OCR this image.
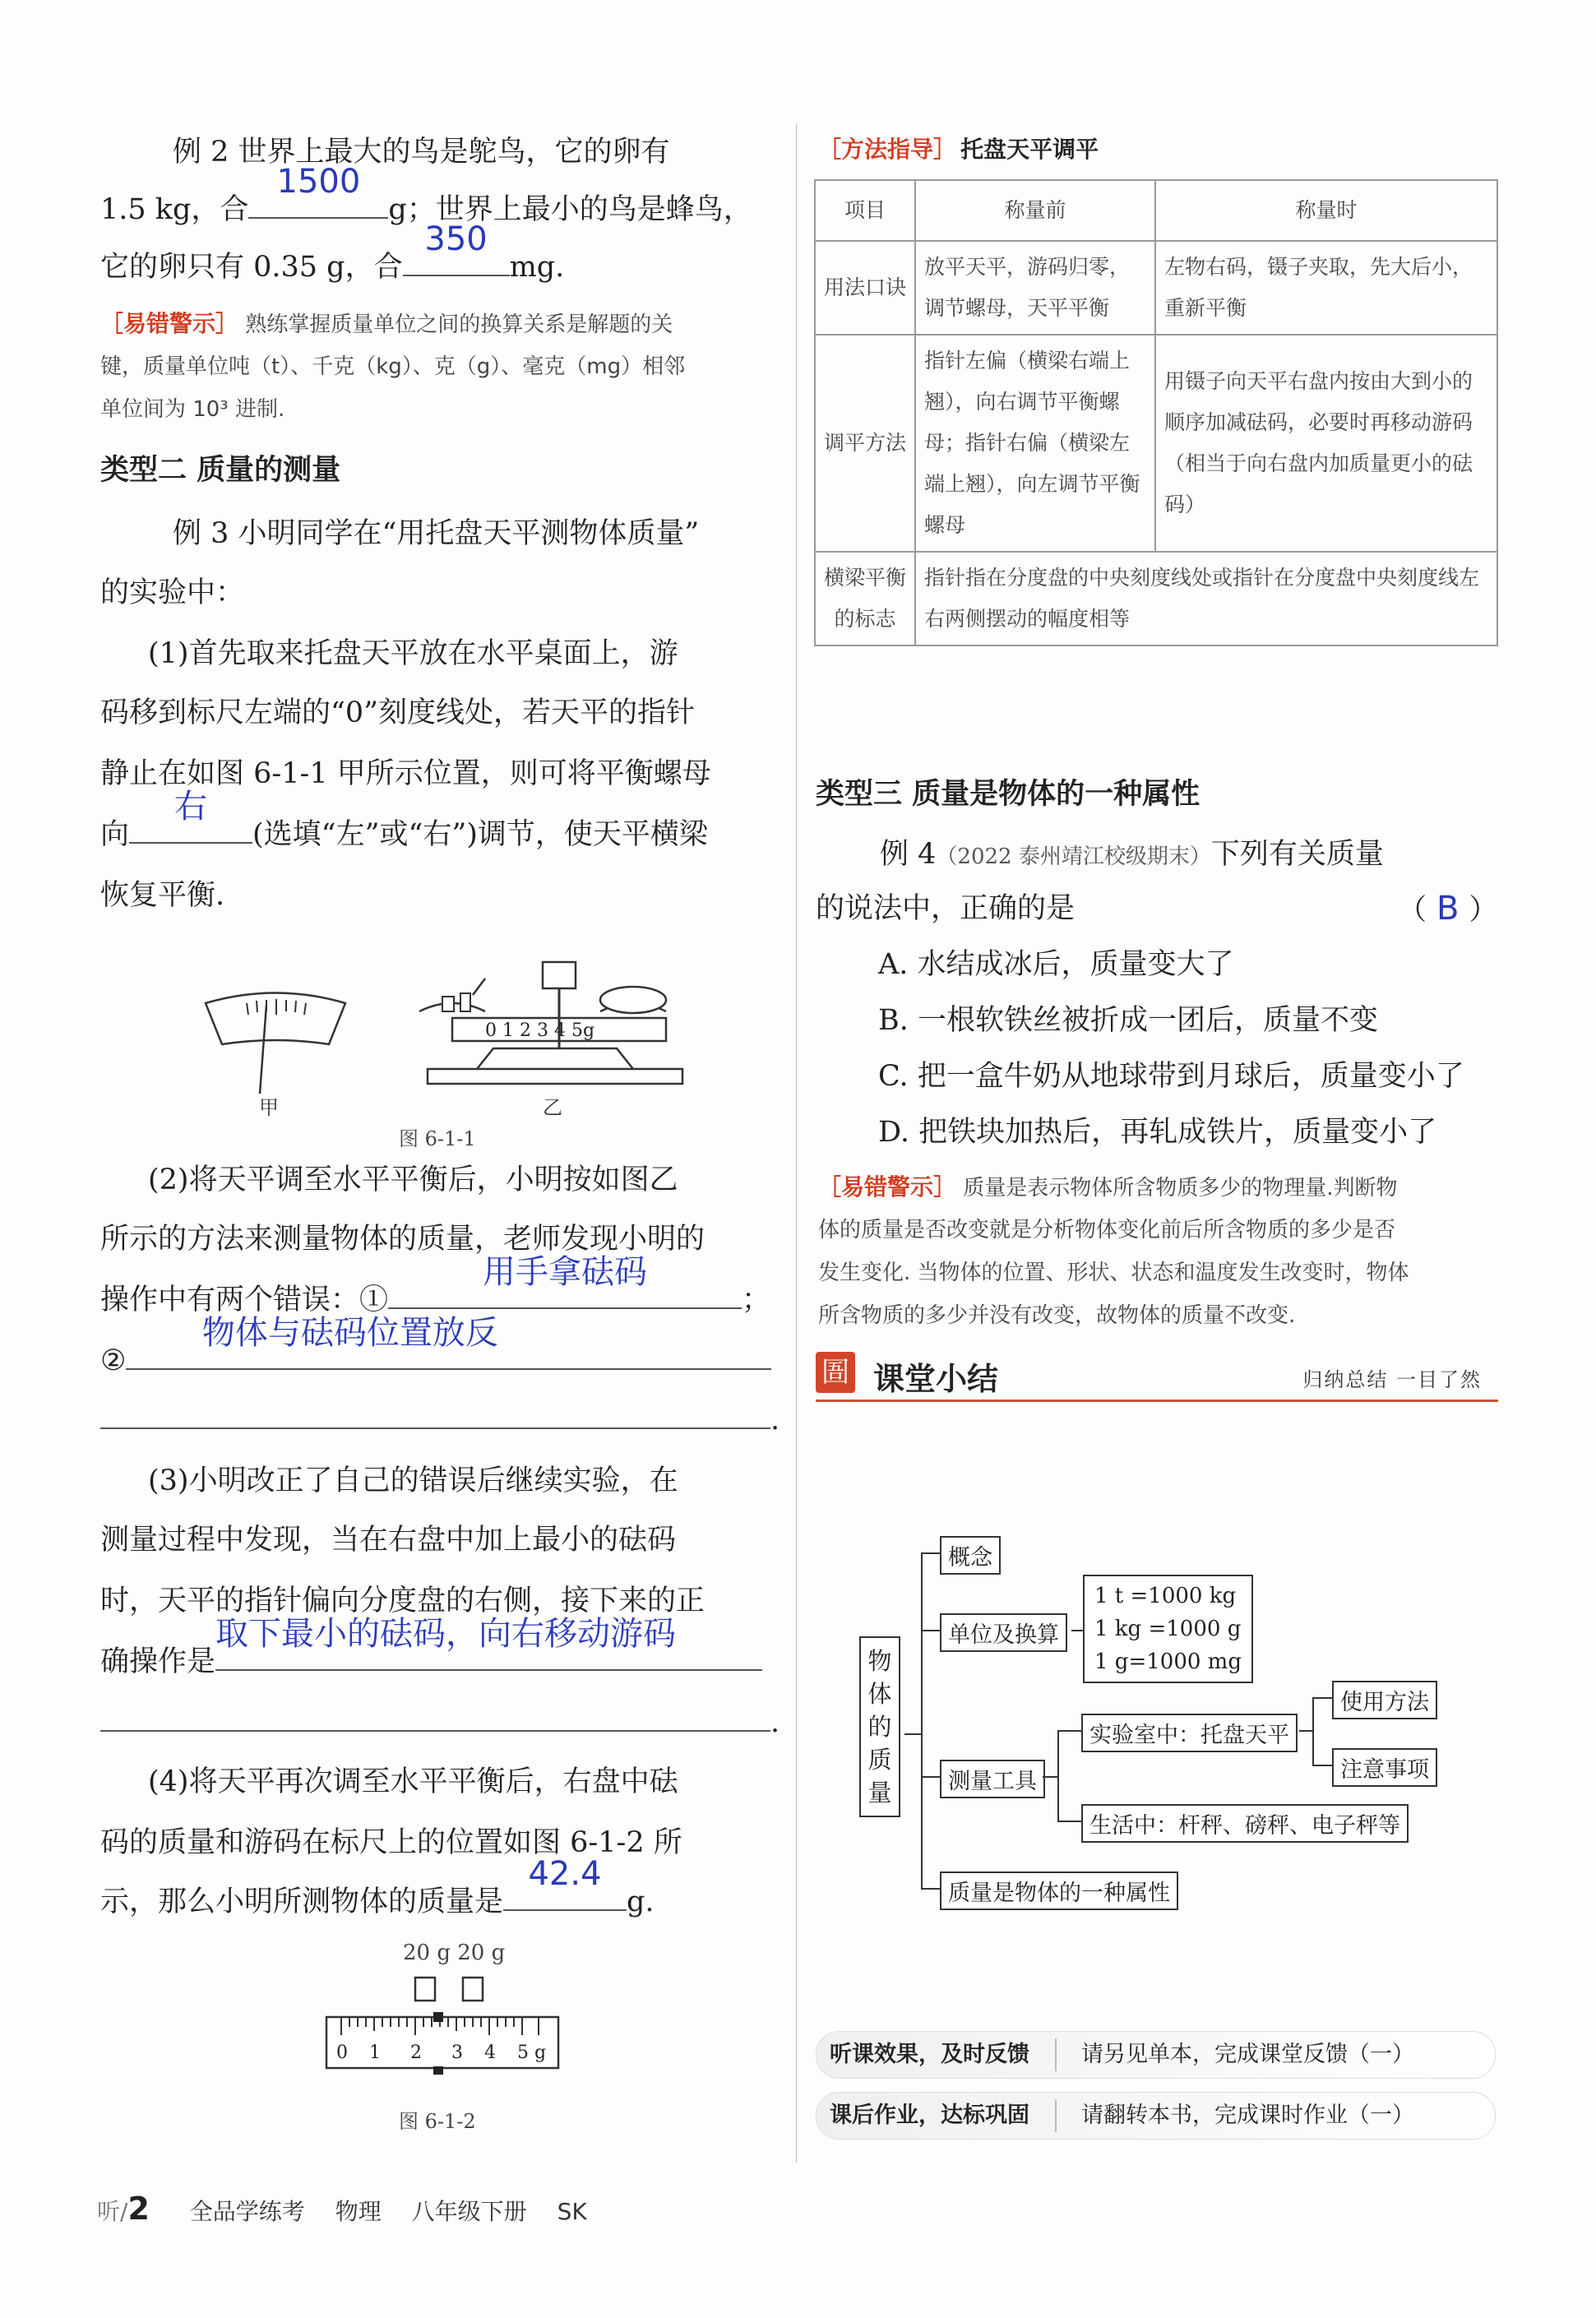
例 2 世界上最大的鸟是鸵鸟，它的卵有
1.5 kg，合
1500
g；世界上最小的鸟是蜂鸟，
它的卵只有 0.35 g，合
350
mg.
［易错警示］ 熟练掌握质量单位之间的换算关系是解题的关
键，质量单位吨（t）、千克（kg）、克（g）、毫克（mg）相邻
单位间为 10³ 进制.
类型二 质量的测量
例 3 小明同学在“用托盘天平测物体质量”
的实验中：
(1)首先取来托盘天平放在水平桌面上，游
码移到标尺左端的“0”刻度线处，若天平的指针
静止在如图 6-1-1 甲所示位置，则可将平衡螺母
向
右
(选填“左”或“右”)调节，使天平横梁
恢复平衡.
0 1 2 3 4 5g
甲	乙
图 6-1-1
(2)将天平调至水平平衡后，小明按如图乙
所示的方法来测量物体的质量，老师发现小明的
操作中有两个错误：①
用手拿砝码
；
②
物体与砝码位置放反
.
(3)小明改正了自己的错误后继续实验，在
测量过程中发现，当在右盘中加上最小的砝码
时，天平的指针偏向分度盘的右侧，接下来的正
确操作是
取下最小的砝码，向右移动游码
.
(4)将天平再次调至水平平衡后，右盘中砝
码的质量和游码在标尺上的位置如图 6-1-2 所
示，那么小明所测物体的质量是
42.4
g.
20 g 20 g
0 1 2 3 4 5 g
图 6-1-2
［方法指导］ 托盘天平调平
项目	称量前	称量时
用法口诀	放平天平，游码归零，调节螺母，天平平衡	左物右码，镊子夹取，先大后小，重新平衡
调平方法	指针左偏（横梁右端上翘），向右调节平衡螺母；指针右偏（横梁左端上翘），向左调节平衡螺母	用镊子向天平右盘内按由大到小的顺序加减砝码，必要时再移动游码（相当于向右盘内加质量更小的砝码）
横梁平衡的标志	指针指在分度盘的中央刻度线处或指针在分度盘中央刻度线左右两侧摆动的幅度相等	
类型三 质量是物体的一种属性
例 4（2022 泰州靖江校级期末）下列有关质量
的说法中，正确的是	（ B ）
A. 水结成冰后，质量变大了
B. 一根软铁丝被折成一团后，质量不变
C. 把一盒牛奶从地球带到月球后，质量变小了
D. 把铁块加热后，再轧成铁片，质量变小了
［易错警示］ 质量是表示物体所含物质多少的物理量.判断物
体的质量是否改变就是分析物体变化前后所含物质的多少是否
发生变化. 当物体的位置、形状、状态和温度发生改变时，物体
所含物质的多少并没有改变，故物体的质量不改变.
圄 课堂小结	归纳总结 一目了然
物
体
的
质
量
概念
单位及换算
1 t =1000 kg
1 kg =1000 g
1 g=1000 mg
测量工具
实验室中：托盘天平
使用方法
注意事项
生活中：杆秤、磅秤、电子秤等
质量是物体的一种属性
听课效果，及时反馈 请另见单本，完成课堂反馈（一）
课后作业，达标巩固 请翻转本书，完成课时作业（一）
听/2 全品学练考 物理 八年级下册 SK
